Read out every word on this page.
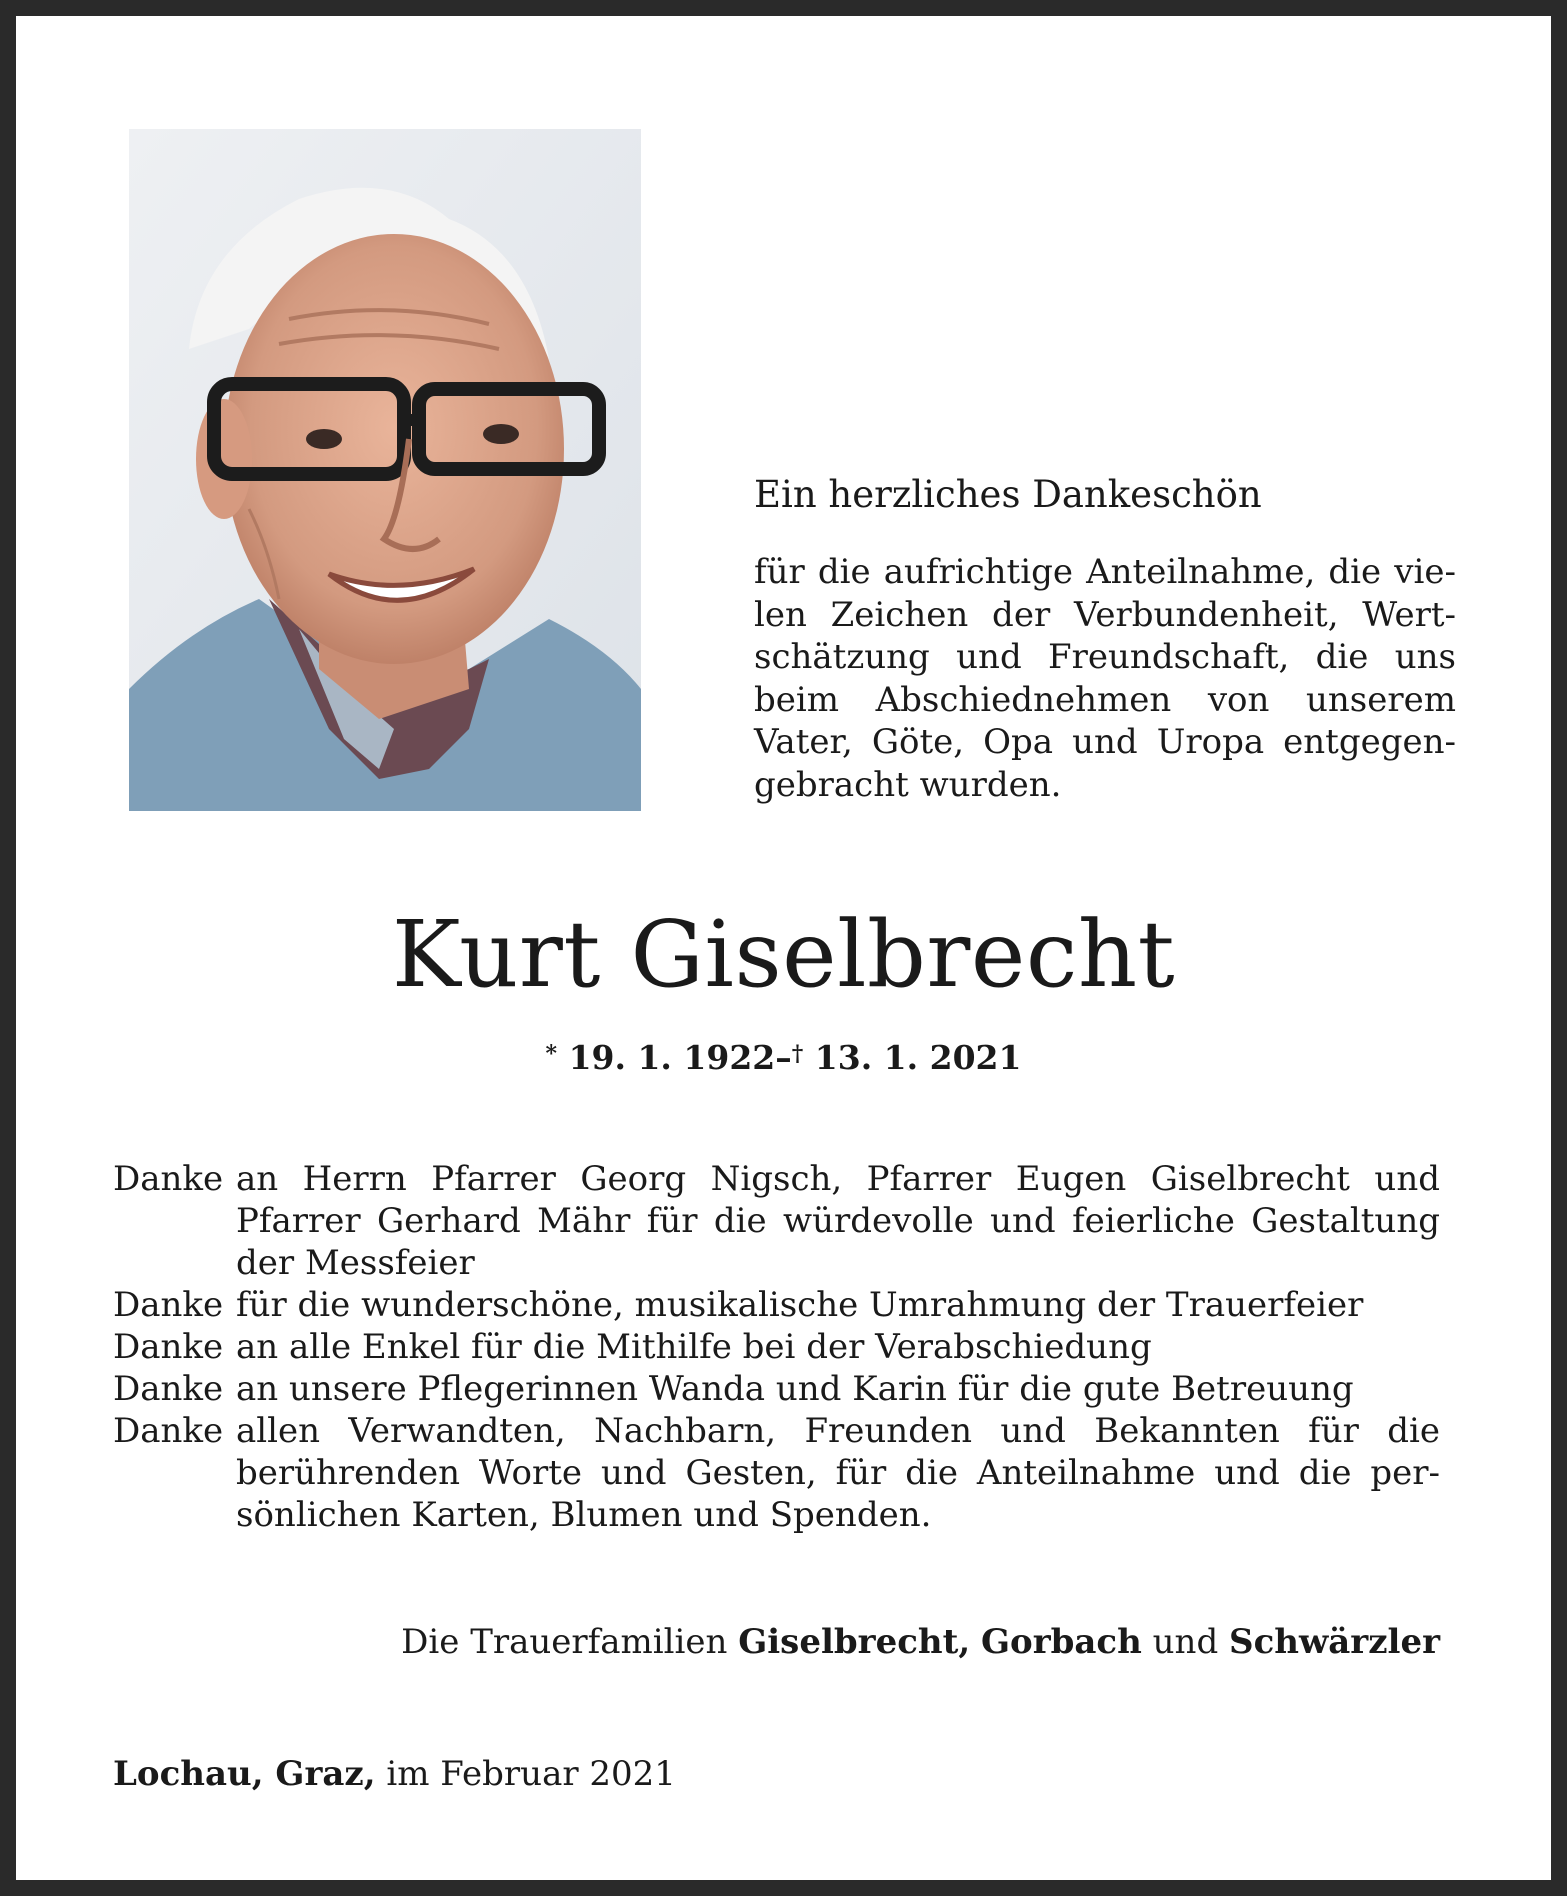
Ein herzliches Dankeschön

für die aufrichtige Anteilnahme, die vie-
len Zeichen der Verbundenheit, Wert-
schätzung und Freundschaft, die uns
beim Abschiednehmen von unserem
Vater, Göte, Opa und Uropa entgegen-
gebracht wurden.

Kurt Giselbrecht
* 19. 1. 1922–† 13. 1. 2021
Danke an Herrn Pfarrer Georg Nigsch, Pfarrer Eugen Giselbrecht und
Pfarrer Gerhard Mähr für die würdevolle und feierliche Gestaltung
der Messfeier
Danke für die wunderschöne, musikalische Umrahmung der Trauerfeier
Danke an alle Enkel für die Mithilfe bei der Verabschiedung
Danke an unsere Pflegerinnen Wanda und Karin für die gute Betreuung
Danke allen Verwandten, Nachbarn, Freunden und Bekannten für die
berührenden Worte und Gesten, für die Anteilnahme und die per-
sönlichen Karten, Blumen und Spenden.
Die Trauerfamilien Giselbrecht, Gorbach und Schwärzler
Lochau, Graz, im Februar 2021
